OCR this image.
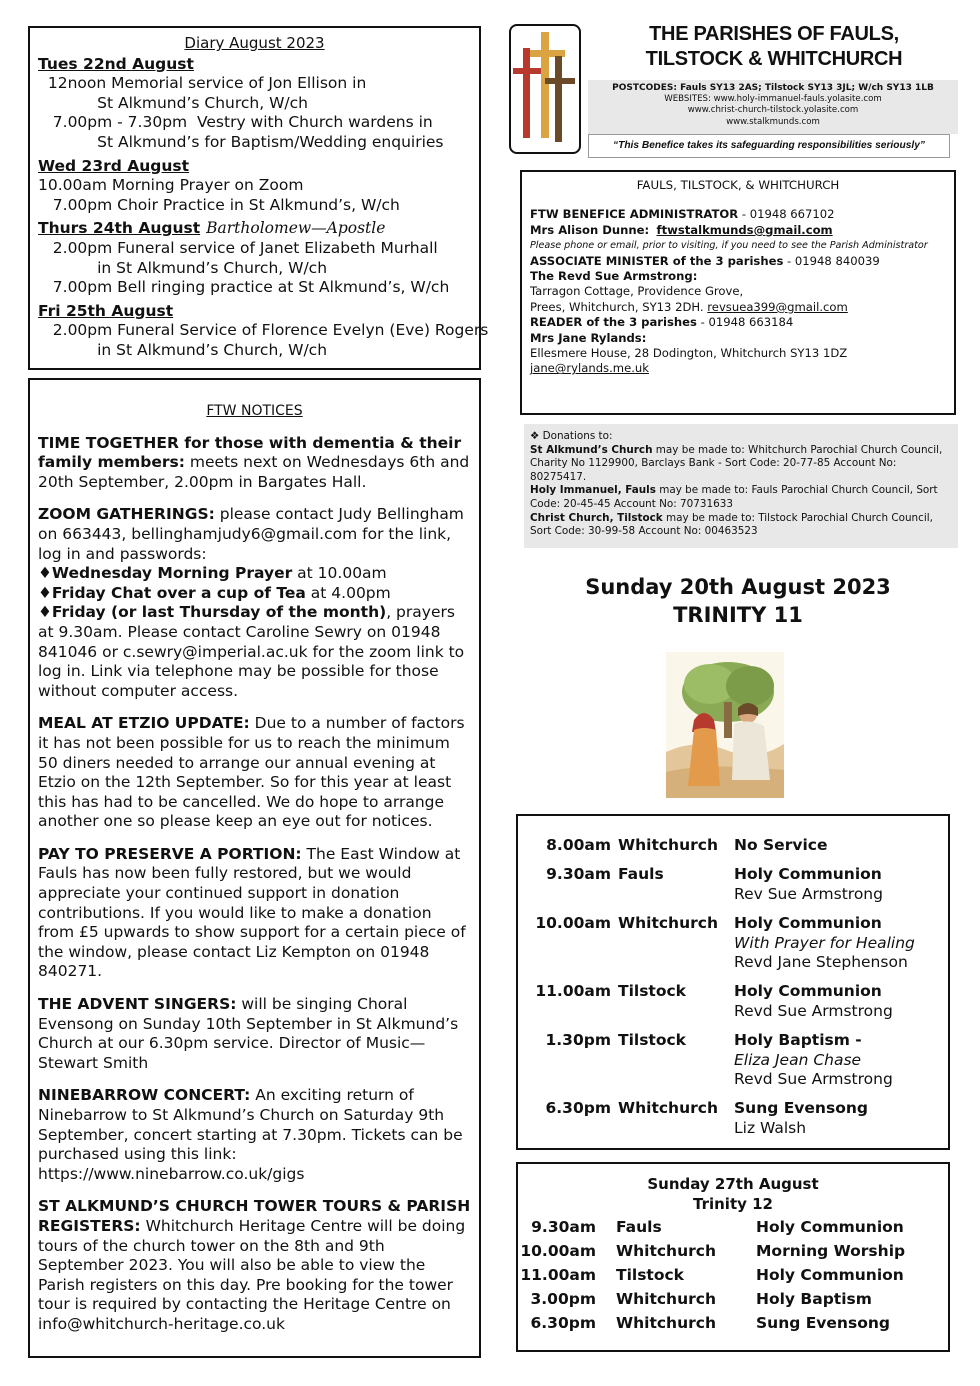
Diary August 2023
Tues 22nd August
12noon Memorial service of Jon Ellison in
St Alkmund’s Church, W/ch
7.00pm - 7.30pm  Vestry with Church wardens in
St Alkmund’s for Baptism/Wedding enquiries
Wed 23rd August
10.00am Morning Prayer on Zoom
7.00pm Choir Practice in St Alkmund’s, W/ch
Thurs 24th August Bartholomew—Apostle
2.00pm Funeral service of Janet Elizabeth Murhall
in St Alkmund’s Church, W/ch
7.00pm Bell ringing practice at St Alkmund’s, W/ch
Fri 25th August
2.00pm Funeral Service of Florence Evelyn (Eve) Rogers
in St Alkmund’s Church, W/ch
FTW NOTICES

TIME TOGETHER for those with dementia & their family members: meets next on Wednesdays 6th and 20th September, 2.00pm in Bargates Hall.

ZOOM GATHERINGS: please contact Judy Bellingham on 663443, bellinghamjudy6@gmail.com for the link, log in and passwords:
♦Wednesday Morning Prayer at 10.00am
♦Friday Chat over a cup of Tea at 4.00pm
♦Friday (or last Thursday of the month), prayers at 9.30am. Please contact Caroline Sewry on 01948 841046 or c.sewry@imperial.ac.uk for the zoom link to log in. Link via telephone may be possible for those without computer access.

MEAL AT ETZIO UPDATE: Due to a number of factors it has not been possible for us to reach the minimum 50 diners needed to arrange our annual evening at Etzio on the 12th September. So for this year at least this has had to be cancelled. We do hope to arrange another one so please keep an eye out for notices.

PAY TO PRESERVE A PORTION: The East Window at Fauls has now been fully restored, but we would appreciate your continued support in donation contributions. If you would like to make a donation from £5 upwards to show support for a certain piece of the window, please contact Liz Kempton on 01948 840271.

THE ADVENT SINGERS: will be singing Choral Evensong on Sunday 10th September in St Alkmund’s Church at our 6.30pm service. Director of Music—Stewart Smith

NINEBARROW CONCERT: An exciting return of Ninebarrow to St Alkmund’s Church on Saturday 9th September, concert starting at 7.30pm. Tickets can be purchased using this link: https://www.ninebarrow.co.uk/gigs

ST ALKMUND’S CHURCH TOWER TOURS & PARISH REGISTERS: Whitchurch Heritage Centre will be doing tours of the church tower on the 8th and 9th September 2023. You will also be able to view the Parish registers on this day. Pre booking for the tower tour is required by contacting the Heritage Centre on info@whitchurch-heritage.co.uk

THE PARISHES OF FAULS,
TILSTOCK & WHITCHURCH
POSTCODES: Fauls SY13 2AS; Tilstock SY13 3JL; W/ch SY13 1LB
WEBSITES: www.holy-immanuel-fauls.yolasite.com
www.christ-church-tilstock.yolasite.com
www.stalkmunds.com
“This Benefice takes its safeguarding responsibilities seriously”
FAULS, TILSTOCK, & WHITCHURCH
FTW BENEFICE ADMINISTRATOR - 01948 667102
Mrs Alison Dunne: ftwstalkmunds@gmail.com
Please phone or email, prior to visiting, if you need to see the Parish Administrator
ASSOCIATE MINISTER of the 3 parishes - 01948 840039
The Revd Sue Armstrong:
Tarragon Cottage, Providence Grove,
Prees, Whitchurch, SY13 2DH. revsuea399@gmail.com
READER of the 3 parishes - 01948 663184
Mrs Jane Rylands:
Ellesmere House, 28 Dodington, Whitchurch SY13 1DZ
jane@rylands.me.uk
❖ Donations to:
St Alkmund’s Church may be made to: Whitchurch Parochial Church Council, Charity No 1129900, Barclays Bank - Sort Code: 20-77-85 Account No: 80275417.
Holy Immanuel, Fauls may be made to: Fauls Parochial Church Council, Sort Code: 20-45-45 Account No: 70731633
Christ Church, Tilstock may be made to: Tilstock Parochial Church Council, Sort Code: 30-99-58 Account No: 00463523
Sunday 20th August 2023
TRINITY 11
8.00am Whitchurch No Service
9.30am Fauls	Holy Communion
Rev Sue Armstrong
10.00am Whitchurch Holy Communion
With Prayer for Healing
Revd Jane Stephenson
11.00am Tilstock	Holy Communion
Revd Sue Armstrong
1.30pm Tilstock	Holy Baptism -
Eliza Jean Chase
Revd Sue Armstrong
6.30pm Whitchurch Sung Evensong
Liz Walsh
Sunday 27th August
Trinity 12
9.30am Fauls	Holy Communion
10.00am Whitchurch	Morning Worship
11.00am Tilstock	Holy Communion
3.00pm Whitchurch	Holy Baptism
6.30pm Whitchurch	Sung Evensong
